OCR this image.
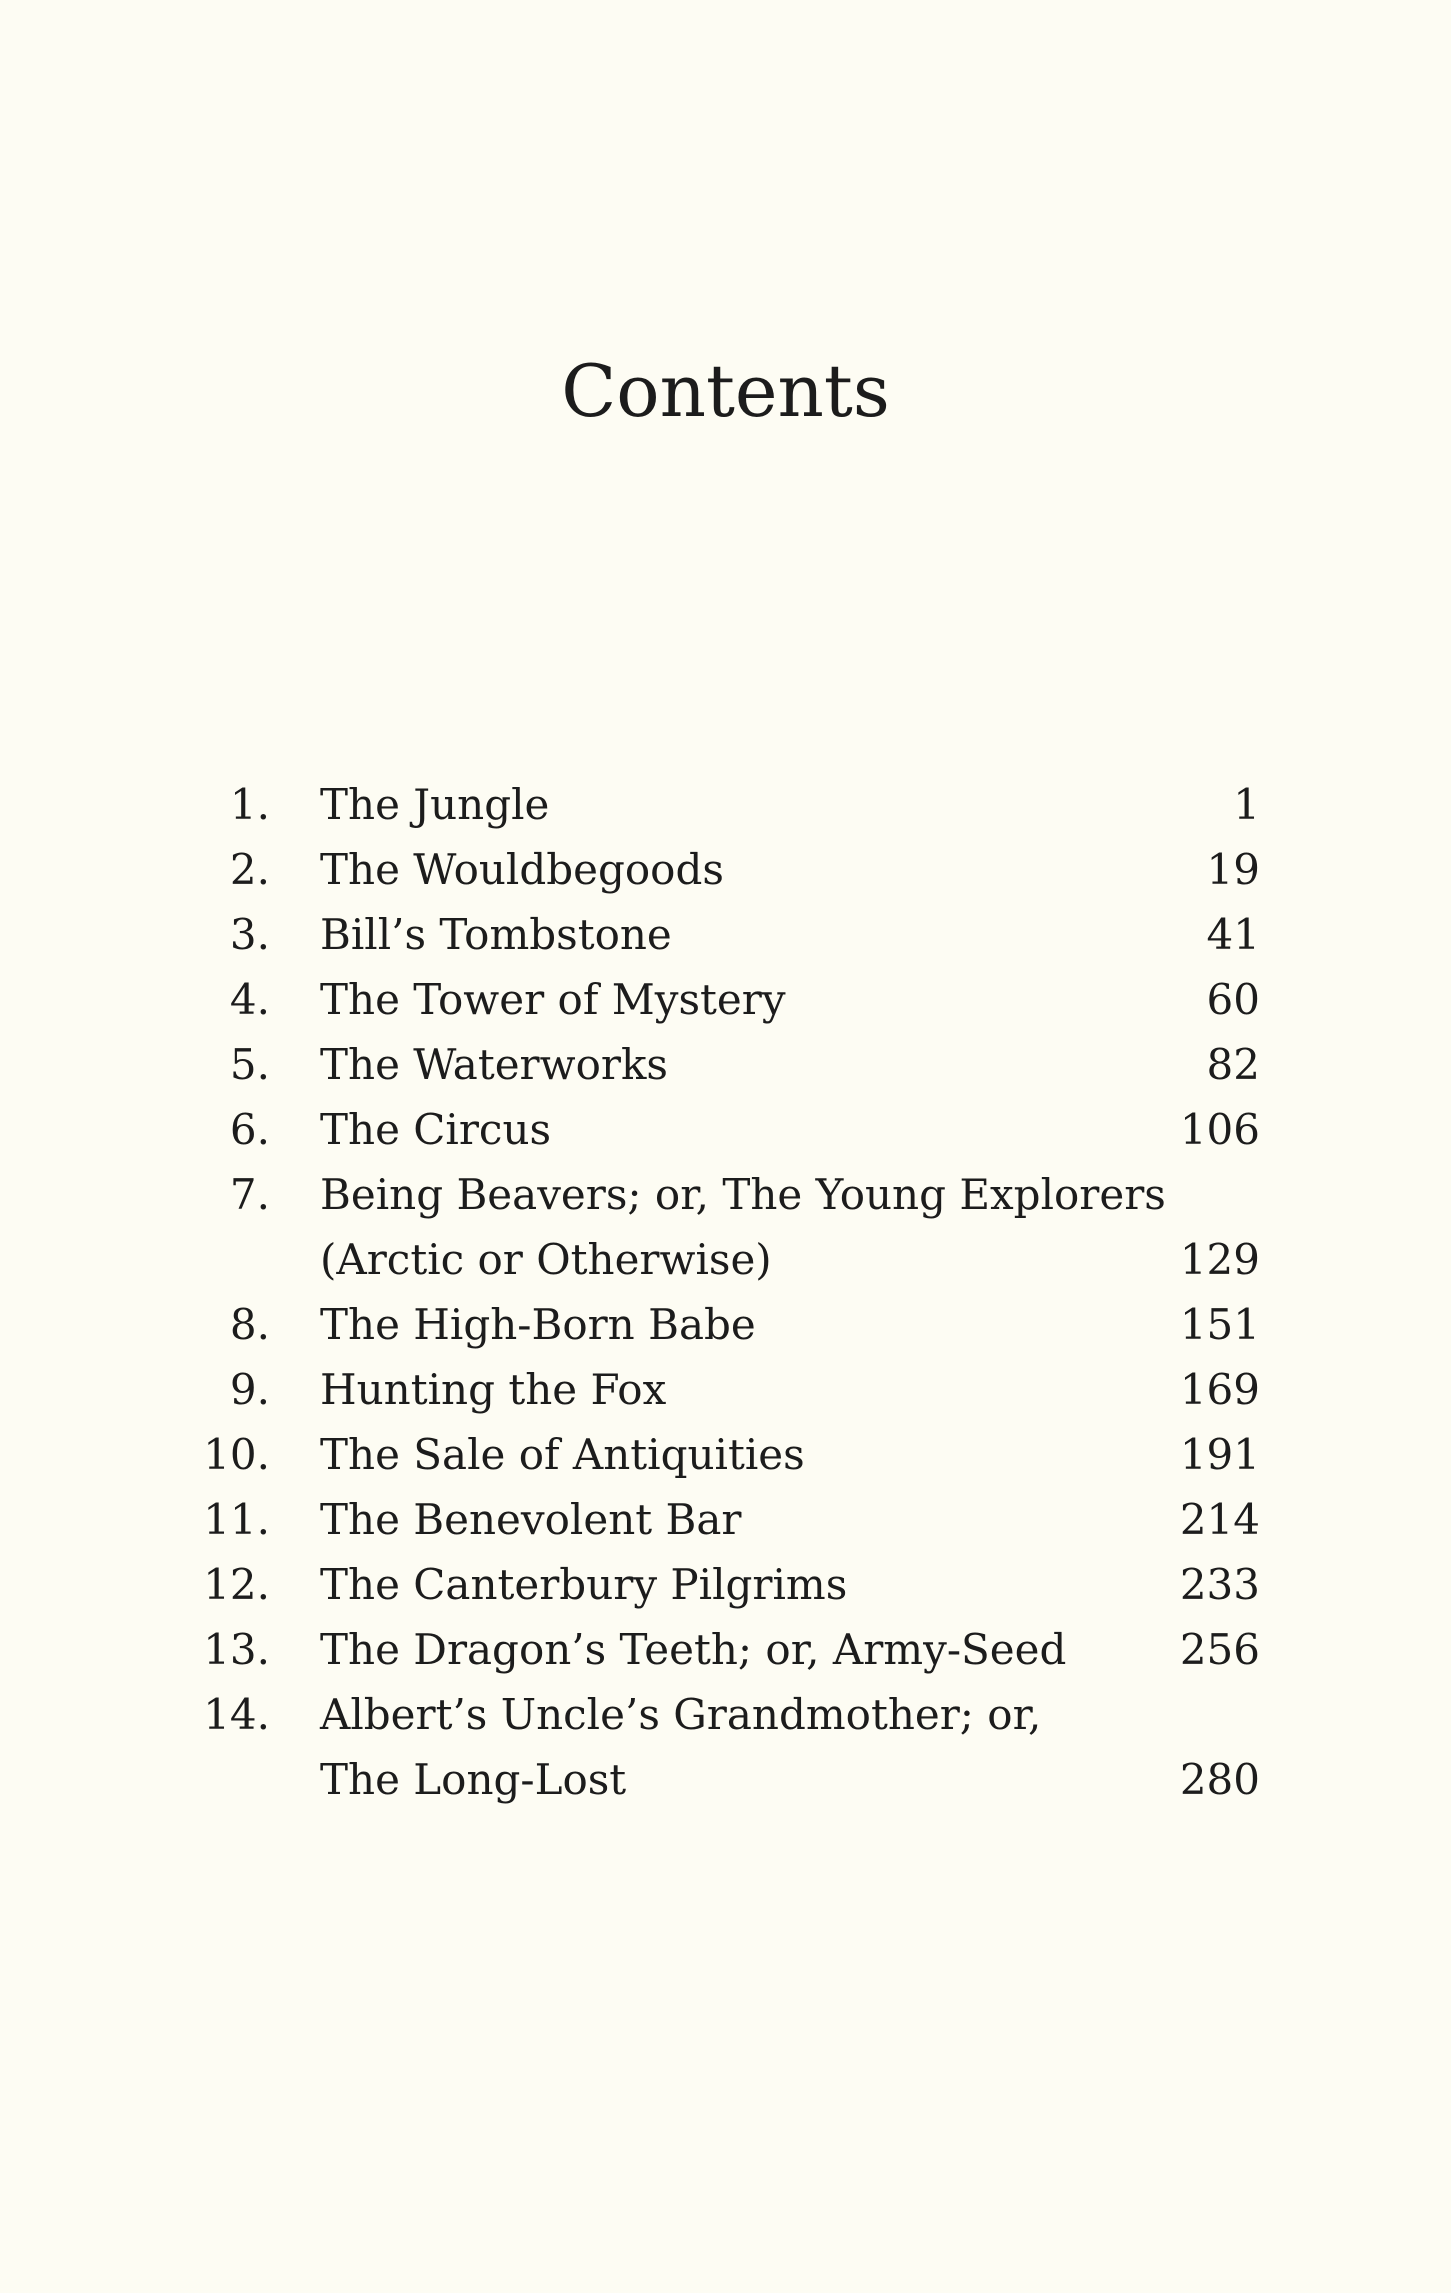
Contents
1.	The Jungle	1
2.	The Wouldbegoods	19
3.	Bill’s Tombstone	41
4.	The Tower of Mystery	60
5.	The Waterworks	82
6.	The Circus	106
7.	Being Beavers; or, The Young Explorers
(Arctic or Otherwise)	129
8.	The High-Born Babe	151
9.	Hunting the Fox	169
10.	The Sale of Antiquities	191
11.	The Benevolent Bar	214
12.	The Canterbury Pilgrims	233
13.	The Dragon’s Teeth; or, Army-Seed	256
14.	Albert’s Uncle’s Grandmother; or,
The Long-Lost	280
